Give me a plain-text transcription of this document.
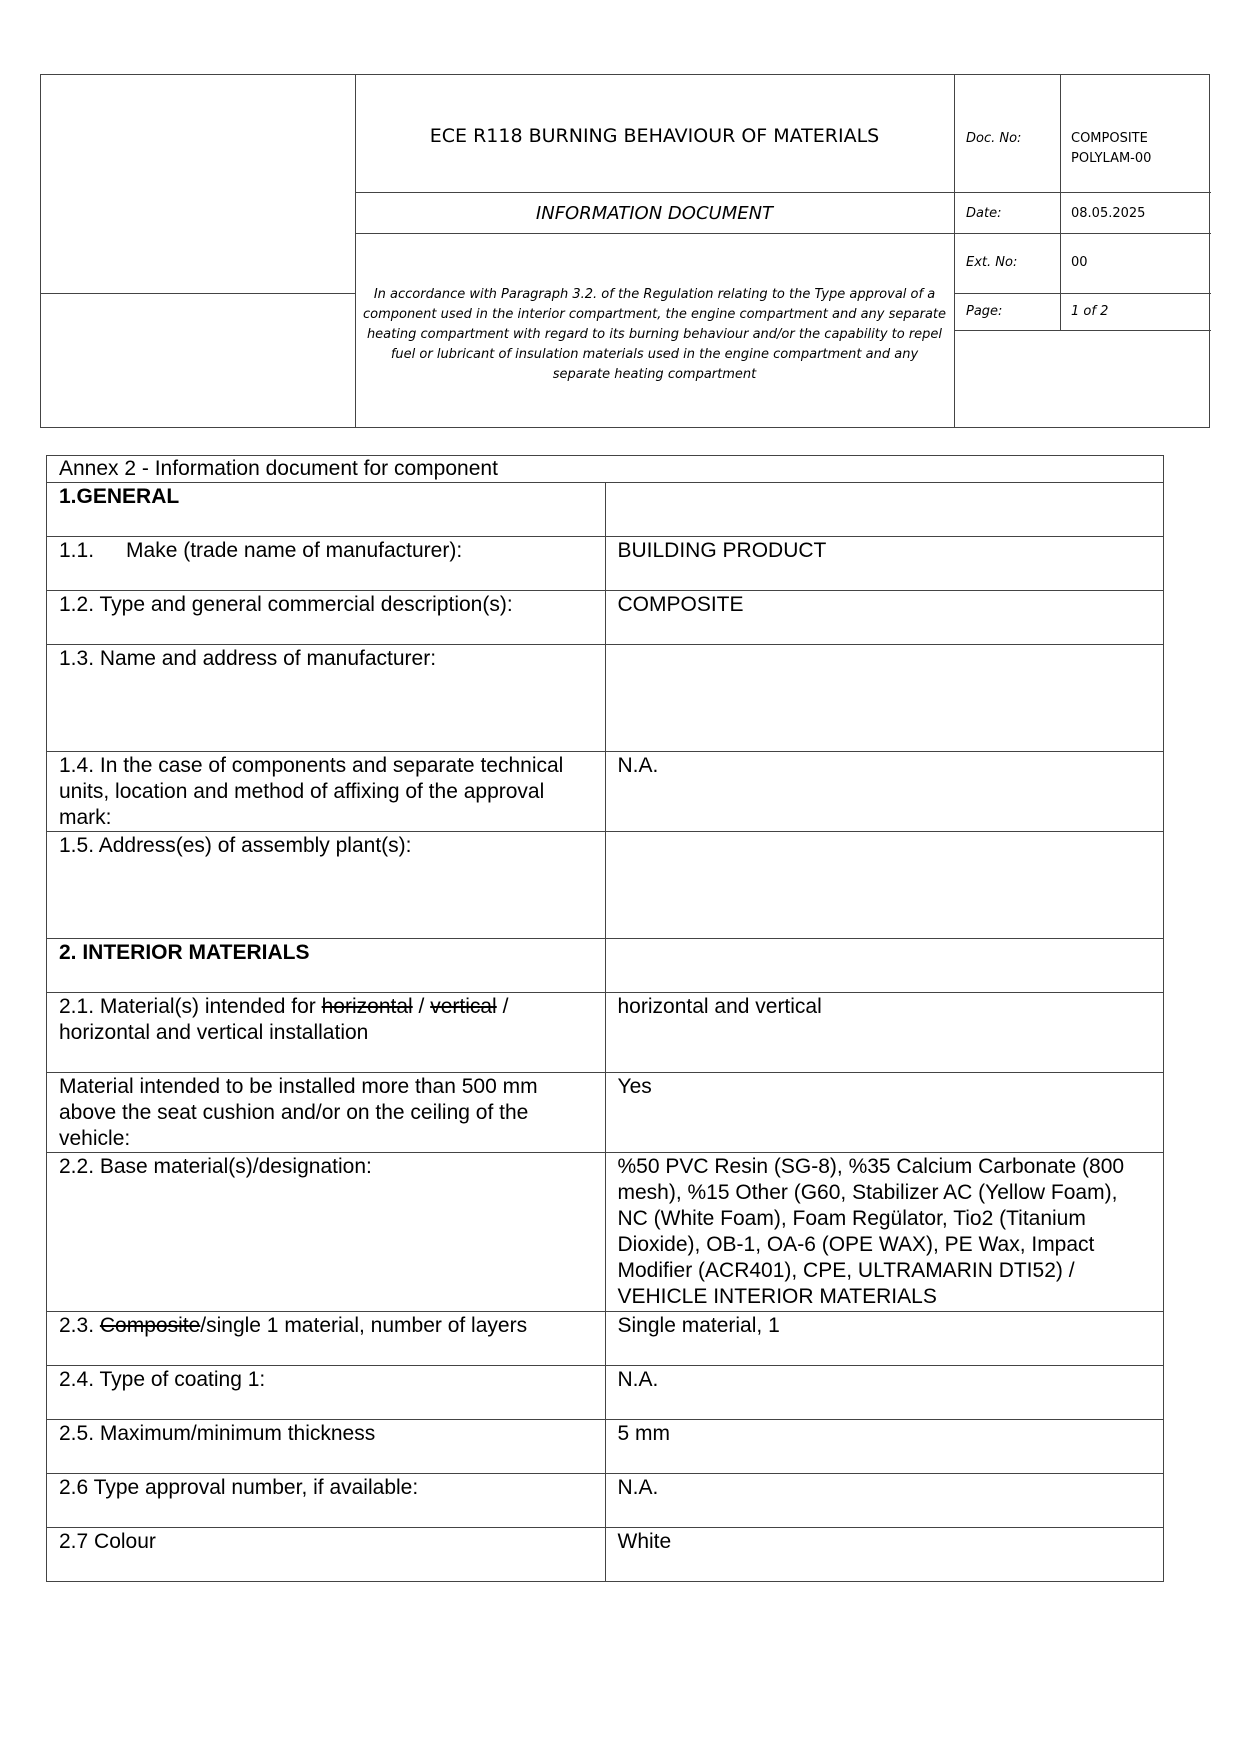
ECE R118 BURNING BEHAVIOUR OF MATERIALS
INFORMATION DOCUMENT
In accordance with Paragraph 3.2. of the Regulation relating to the Type approval of a component used in the interior compartment, the engine compartment and any separate heating compartment with regard to its burning behaviour and/or the capability to repel fuel or lubricant of insulation materials used in the engine compartment and any separate heating compartment
Doc. No:	COMPOSITE
POLYLAM-00
Date:	08.05.2025
Ext. No:	00
Page:	1 of 2
Annex 2 - Information document for component	
1.GENERAL	
1.1. Make (trade name of manufacturer):	BUILDING PRODUCT
1.2. Type and general commercial description(s):	COMPOSITE
1.3. Name and address of manufacturer:	
1.4. In the case of components and separate technical units, location and method of affixing of the approval mark:	N.A.
1.5. Address(es) of assembly plant(s):	
2. INTERIOR MATERIALS	
2.1. Material(s) intended for horizontal / vertical / horizontal and vertical installation	horizontal and vertical
Material intended to be installed more than 500 mm above the seat cushion and/or on the ceiling of the vehicle:	Yes
2.2. Base material(s)/designation:	%50 PVC Resin (SG-8), %35 Calcium Carbonate (800 mesh), %15 Other (G60, Stabilizer AC (Yellow Foam), NC (White Foam), Foam Regülator, Tio2 (Titanium Dioxide), OB-1, OA-6 (OPE WAX), PE Wax, Impact Modifier (ACR401), CPE, ULTRAMARIN DTI52) / VEHICLE INTERIOR MATERIALS
2.3. Composite/single 1 material, number of layers	Single material, 1
2.4. Type of coating 1:	N.A.
2.5. Maximum/minimum thickness	5 mm
2.6 Type approval number, if available:	N.A.
2.7 Colour	White
